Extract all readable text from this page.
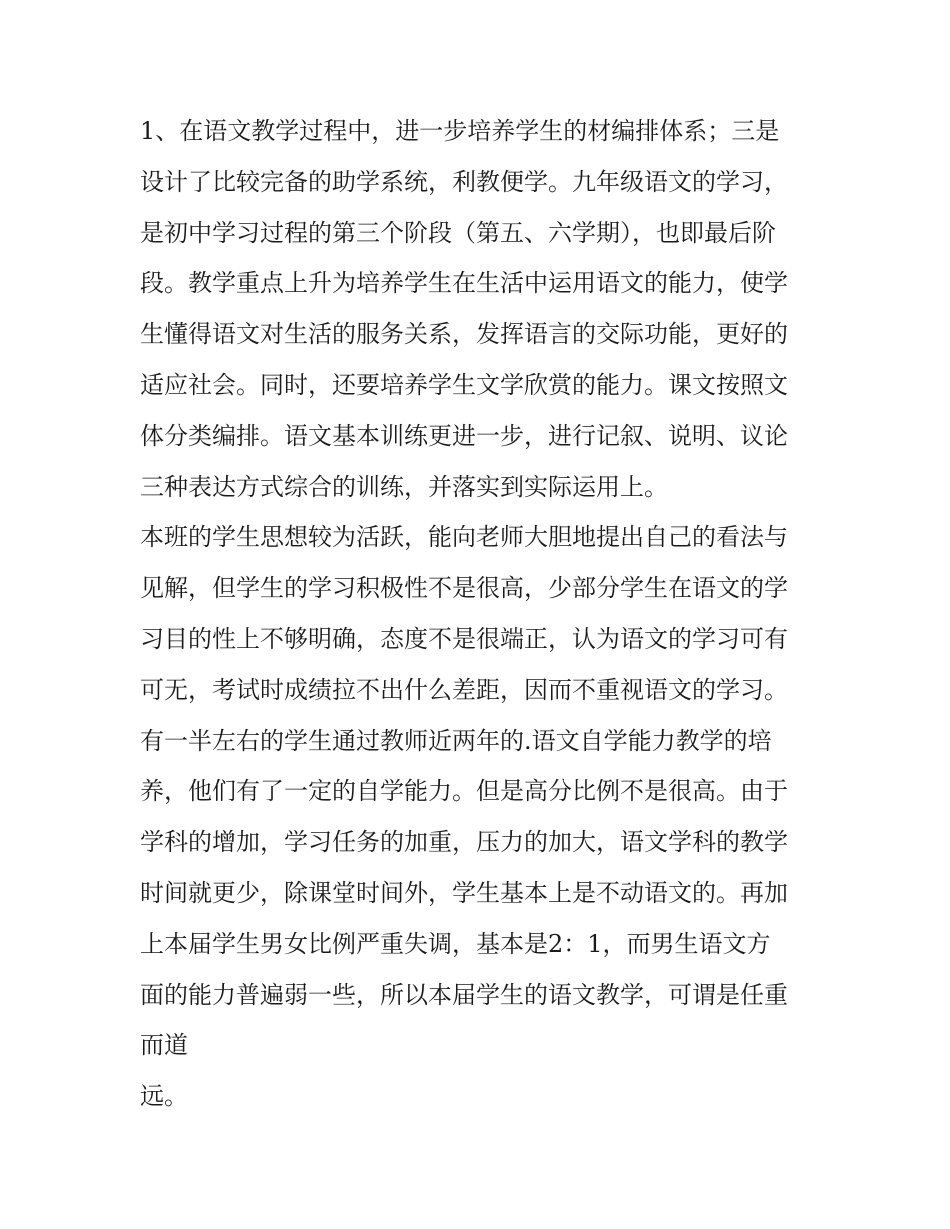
1、在语文教学过程中，进一步培养学生的材编排体系；三是
设计了比较完备的助学系统，利教便学。九年级语文的学习，
是初中学习过程的第三个阶段（第五、六学期），也即最后阶
段。教学重点上升为培养学生在生活中运用语文的能力，使学
生懂得语文对生活的服务关系，发挥语言的交际功能，更好的
适应社会。同时，还要培养学生文学欣赏的能力。课文按照文
体分类编排。语文基本训练更进一步，进行记叙、说明、议论
三种表达方式综合的训练，并落实到实际运用上。
本班的学生思想较为活跃，能向老师大胆地提出自己的看法与
见解，但学生的学习积极性不是很高，少部分学生在语文的学
习目的性上不够明确，态度不是很端正，认为语文的学习可有
可无，考试时成绩拉不出什么差距，因而不重视语文的学习。
有一半左右的学生通过教师近两年的.语文自学能力教学的培
养，他们有了一定的自学能力。但是高分比例不是很高。由于
学科的增加，学习任务的加重，压力的加大，语文学科的教学
时间就更少，除课堂时间外，学生基本上是不动语文的。再加
上本届学生男女比例严重失调，基本是2：1，而男生语文方
面的能力普遍弱一些，所以本届学生的语文教学，可谓是任重
而道
远。
